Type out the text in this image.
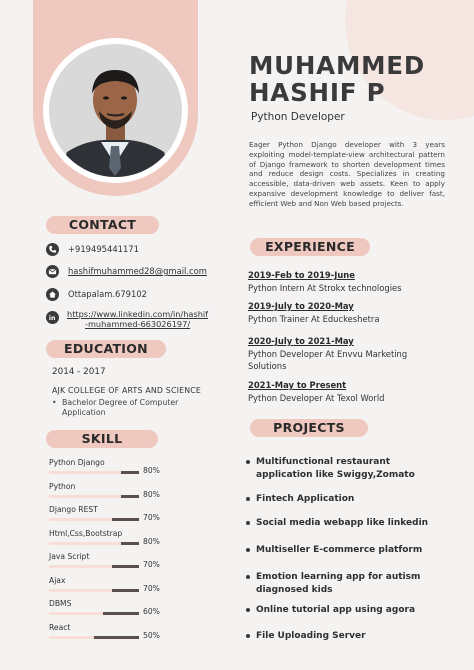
MUHAMMED
HASHIF P
Python Developer
Eager Python Django developer with 3 years exploiting model-template-view architectural pattern of Django framework to shorten development times and reduce design costs. Specializes in creating accessible, data-driven web assets. Keen to apply expansive development knowledge to deliver fast, efficient Web and Non Web based projects.
CONTACT
+919495441171
hashifmuhammed28@gmail.com
Ottapalam.679102
in https://www.linkedin.com/in/hashif
-muhammed-663026197/
EDUCATION
2014 - 2017
AJK COLLEGE OF ARTS AND SCIENCE
• Bachelor Degree of Computer Application
SKILL
Python Django
80%
Python
80%
Django REST
70%
Html,Css,Bootstrap
80%
Java Script
70%
Ajax
70%
DBMS
60%
React
50%
EXPERIENCE
2019-Feb to 2019-June
Python Intern At Strokx technologies
2019-July to 2020-May
Python Trainer At Educkeshetra
2020-July to 2021-May
Python Developer At Envvu Marketing Solutions
2021-May to Present
Python Developer At Texol World
PROJECTS
Multifunctional restaurant application like Swiggy,Zomato
Fintech Application
Social media webapp like linkedin
Multiseller E-commerce platform
Emotion learning app for autism diagnosed kids
Online tutorial app using agora
File Uploading Server
